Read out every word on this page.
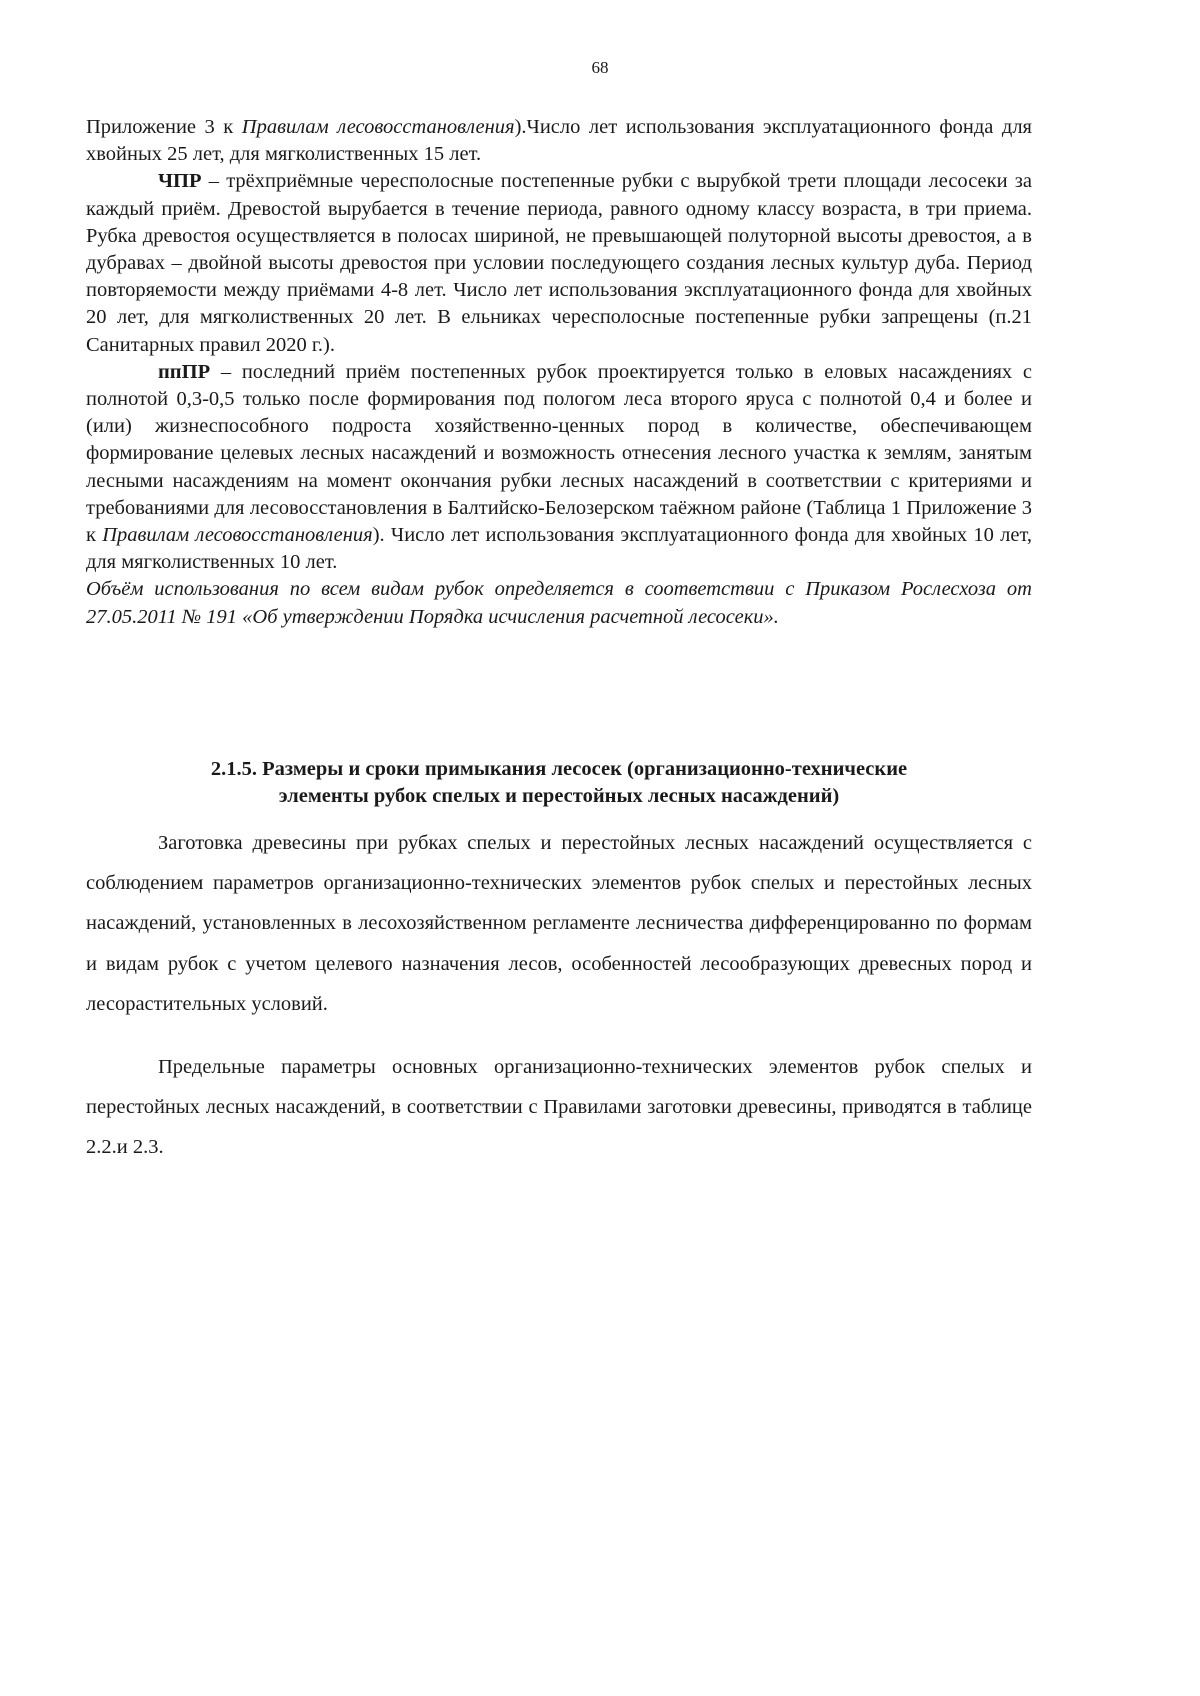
68

Приложение 3 к Правилам лесовосстановления).Число лет использования эксплуатационного фонда для хвойных 25 лет, для мягколиственных 15 лет.

ЧПР – трёхприёмные чересполосные постепенные рубки с вырубкой трети площади лесосеки за каждый приём. Древостой вырубается в течение периода, равного одному классу возраста, в три приема. Рубка древостоя осуществляется в полосах шириной, не превышающей полуторной высоты древостоя, а в дубравах – двойной высоты древостоя при условии последующего создания лесных культур дуба. Период повторяемости между приёмами 4-8 лет. Число лет использования эксплуатационного фонда для хвойных 20 лет, для мягколиственных 20 лет. В ельниках чересполосные постепенные рубки запрещены (п.21 Санитарных правил 2020 г.).

ппПР – последний приём постепенных рубок проектируется только в еловых насаждениях с полнотой 0,3-0,5 только после формирования под пологом леса второго яруса с полнотой 0,4 и более и (или) жизнеспособного подроста хозяйственно-ценных пород в количестве, обеспечивающем формирование целевых лесных насаждений и возможность отнесения лесного участка к землям, занятым лесными насаждениям на момент окончания рубки лесных насаждений в соответствии с критериями и требованиями для лесовосстановления в Балтийско-Белозерском таёжном районе (Таблица 1 Приложение 3 к Правилам лесовосстановления). Число лет использования эксплуатационного фонда для хвойных 10 лет, для мягколиственных 10 лет.

Объём использования по всем видам рубок определяется в соответствии с Приказом Рослесхоза от 27.05.2011 № 191 «Об утверждении Порядка исчисления расчетной лесосеки».

2.1.5. Размеры и сроки примыкания лесосек (организационно-технические
элементы рубок спелых и перестойных лесных насаждений)

Заготовка древесины при рубках спелых и перестойных лесных насаждений осуществляется с соблюдением параметров организационно-технических элементов рубок спелых и перестойных лесных насаждений, установленных в лесохозяйственном регламенте лесничества дифференцированно по формам и видам рубок с учетом целевого назначения лесов, особенностей лесообразующих древесных пород и лесорастительных условий.

Предельные параметры основных организационно-технических элементов рубок спелых и перестойных лесных насаждений, в соответствии с Правилами заготовки древесины, приводятся в таблице 2.2.и 2.3.
